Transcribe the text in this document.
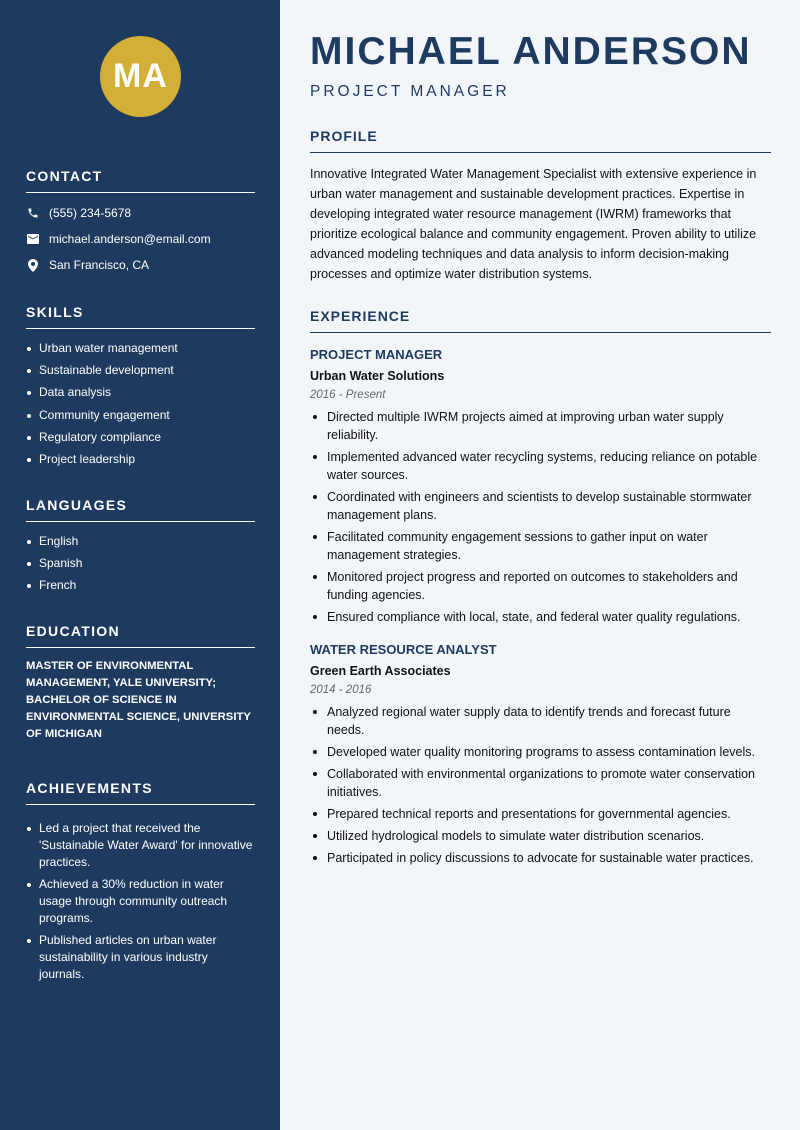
MA
CONTACT
(555) 234-5678
michael.anderson@email.com
San Francisco, CA
SKILLS
Urban water management
Sustainable development
Data analysis
Community engagement
Regulatory compliance
Project leadership
LANGUAGES
English
Spanish
French
EDUCATION
MASTER OF ENVIRONMENTAL MANAGEMENT, YALE UNIVERSITY; BACHELOR OF SCIENCE IN ENVIRONMENTAL SCIENCE, UNIVERSITY OF MICHIGAN
ACHIEVEMENTS
Led a project that received the 'Sustainable Water Award' for innovative practices.
Achieved a 30% reduction in water usage through community outreach programs.
Published articles on urban water sustainability in various industry journals.
MICHAEL ANDERSON
PROJECT MANAGER
PROFILE
Innovative Integrated Water Management Specialist with extensive experience in urban water management and sustainable development practices. Expertise in developing integrated water resource management (IWRM) frameworks that prioritize ecological balance and community engagement. Proven ability to utilize advanced modeling techniques and data analysis to inform decision-making processes and optimize water distribution systems.
EXPERIENCE
PROJECT MANAGER
Urban Water Solutions
2016 - Present
Directed multiple IWRM projects aimed at improving urban water supply reliability.
Implemented advanced water recycling systems, reducing reliance on potable water sources.
Coordinated with engineers and scientists to develop sustainable stormwater management plans.
Facilitated community engagement sessions to gather input on water management strategies.
Monitored project progress and reported on outcomes to stakeholders and funding agencies.
Ensured compliance with local, state, and federal water quality regulations.
WATER RESOURCE ANALYST
Green Earth Associates
2014 - 2016
Analyzed regional water supply data to identify trends and forecast future needs.
Developed water quality monitoring programs to assess contamination levels.
Collaborated with environmental organizations to promote water conservation initiatives.
Prepared technical reports and presentations for governmental agencies.
Utilized hydrological models to simulate water distribution scenarios.
Participated in policy discussions to advocate for sustainable water practices.
